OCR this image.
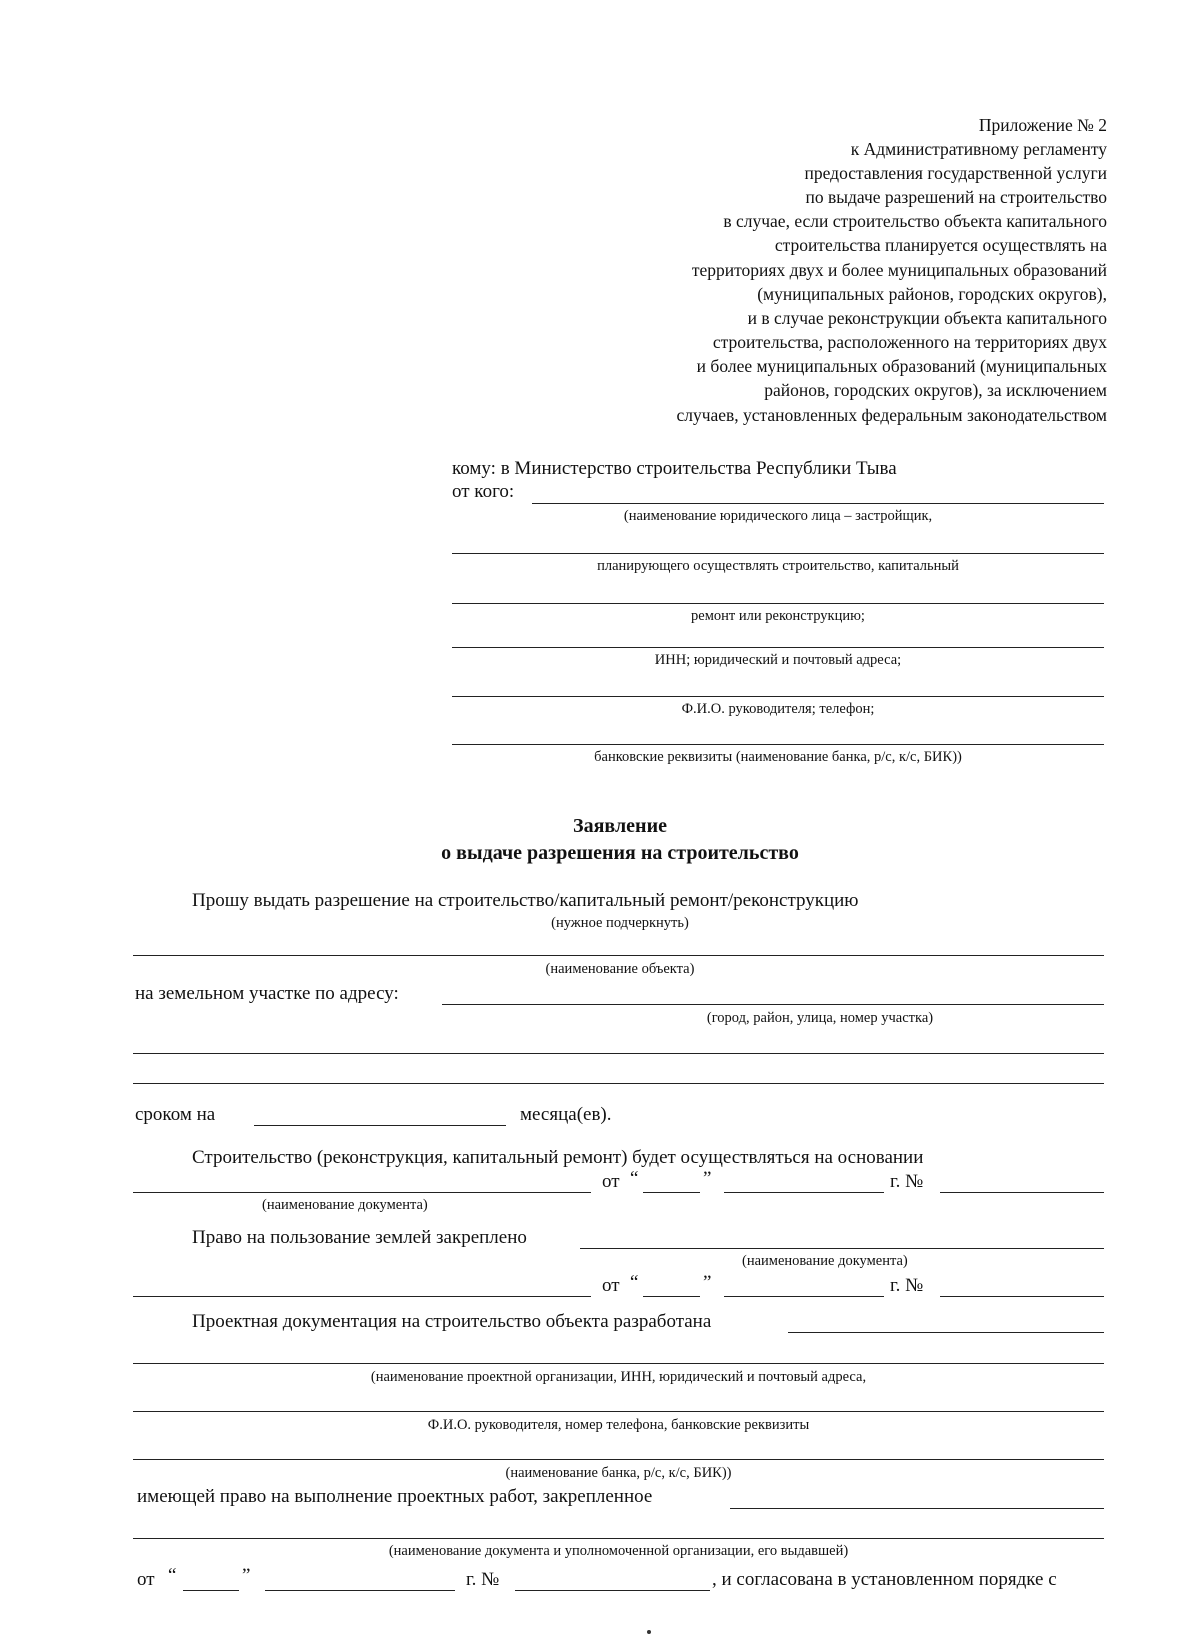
Приложение № 2
к Административному регламенту
предоставления государственной услуги
по выдаче разрешений на строительство
в случае, если строительство объекта капитального
строительства планируется осуществлять на
территориях двух и более муниципальных образований
(муниципальных районов, городских округов),
и в случае реконструкции объекта капитального
строительства, расположенного на территориях двух
и более муниципальных образований (муниципальных
районов, городских округов), за исключением
случаев, установленных федеральным законодательством
кому: в Министерство строительства Республики Тыва
от кого:
(наименование юридического лица – застройщик,
планирующего осуществлять строительство, капитальный
ремонт или реконструкцию;
ИНН; юридический и почтовый адреса;
Ф.И.О. руководителя; телефон;
банковские реквизиты (наименование банка, р/с, к/с, БИК))
Заявление
о выдаче разрешения на строительство
Прошу выдать разрешение на строительство/капитальный ремонт/реконструкцию
(нужное подчеркнуть)
(наименование объекта)
на земельном участке по адресу:
(город, район, улица, номер участка)
сроком на	месяца(ев).
Строительство (реконструкция, капитальный ремонт) будет осуществляться на основании
от “	”	г. №
(наименование документа)
Право на пользование землей закреплено
(наименование документа)
от “	”	г. №
Проектная документация на строительство объекта разработана
(наименование проектной организации, ИНН, юридический и почтовый адреса,
Ф.И.О. руководителя, номер телефона, банковские реквизиты
(наименование банка, р/с, к/с, БИК))
имеющей право на выполнение проектных работ, закрепленное
(наименование документа и уполномоченной организации, его выдавшей)
от “	”	г. №	, и согласована в установленном порядке с
